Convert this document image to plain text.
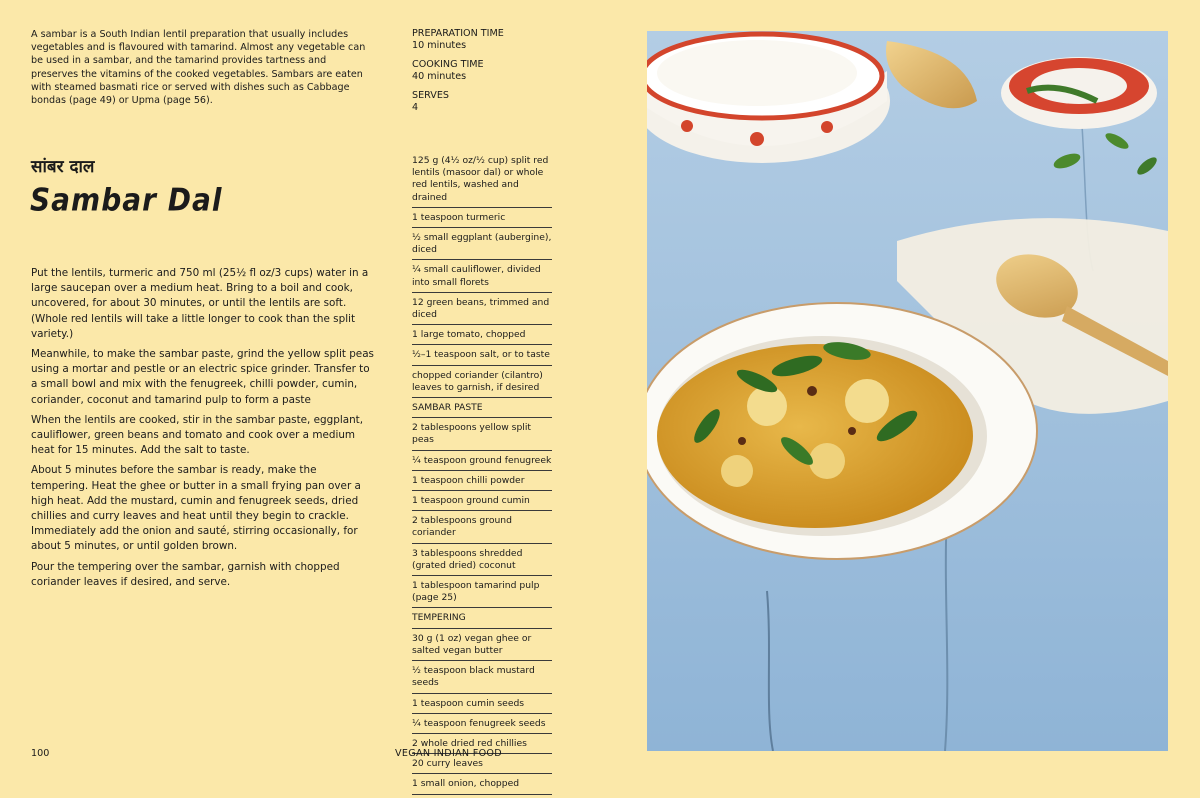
A sambar is a South Indian lentil preparation that usually includes vegetables and is flavoured with tamarind. Almost any vegetable can be used in a sambar, and the tamarind provides tartness and preserves the vitamins of the cooked vegetables. Sambars are eaten with steamed basmati rice or served with dishes such as Cabbage bondas (page 49) or Upma (page 56).
PREPARATION TIME
10 minutes
COOKING TIME
40 minutes
SERVES
4
सांबर दाल
Sambar Dal

Put the lentils, turmeric and 750 ml (25½ fl oz/3 cups) water in a large saucepan over a medium heat. Bring to a boil and cook, uncovered, for about 30 minutes, or until the lentils are soft. (Whole red lentils will take a little longer to cook than the split variety.)

Meanwhile, to make the sambar paste, grind the yellow split peas using a mortar and pestle or an electric spice grinder. Transfer to a small bowl and mix with the fenugreek, chilli powder, cumin, coriander, coconut and tamarind pulp to form a paste

When the lentils are cooked, stir in the sambar paste, eggplant, cauliflower, green beans and tomato and cook over a medium heat for 15 minutes. Add the salt to taste.

About 5 minutes before the sambar is ready, make the tempering. Heat the ghee or butter in a small frying pan over a high heat. Add the mustard, cumin and fenugreek seeds, dried chillies and curry leaves and heat until they begin to crackle. Immediately add the onion and sauté, stirring occasionally, for about 5 minutes, or until golden brown.

Pour the tempering over the sambar, garnish with chopped coriander leaves if desired, and serve.

125 g (4½ oz/½ cup) split red lentils (masoor dal) or whole red lentils, washed and drained
1 teaspoon turmeric
½ small eggplant (aubergine), diced
¼ small cauliflower, divided into small florets
12 green beans, trimmed and diced
1 large tomato, chopped
½–1 teaspoon salt, or to taste
chopped coriander (cilantro) leaves to garnish, if desired
SAMBAR PASTE
2 tablespoons yellow split peas
¼ teaspoon ground fenugreek
1 teaspoon chilli powder
1 teaspoon ground cumin
2 tablespoons ground coriander
3 tablespoons shredded (grated dried) coconut
1 tablespoon tamarind pulp (page 25)
TEMPERING
30 g (1 oz) vegan ghee or salted vegan butter
½ teaspoon black mustard seeds
1 teaspoon cumin seeds
¼ teaspoon fenugreek seeds
2 whole dried red chillies
20 curry leaves
1 small onion, chopped
100	VEGAN INDIAN FOOD
